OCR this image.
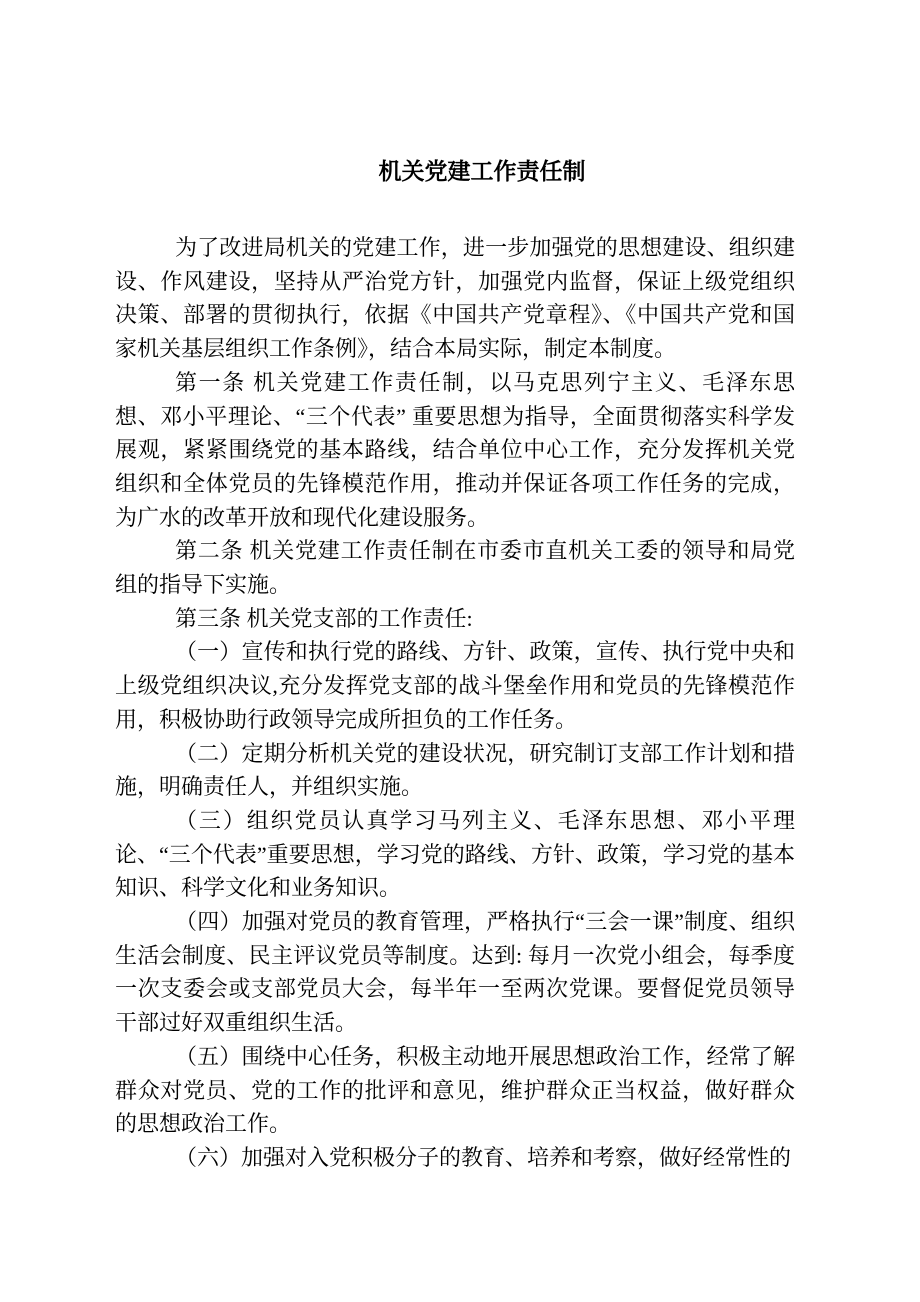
机关党建工作责任制

为了改进局机关的党建工作，进一步加强党的思想建设、组织建设、作风建设，坚持从严治党方针，加强党内监督，保证上级党组织决策、部署的贯彻执行，依据《中国共产党章程》、《中国共产党和国家机关基层组织工作条例》，结合本局实际，制定本制度。

第一条 机关党建工作责任制，以马克思列宁主义、毛泽东思想、邓小平理论、“三个代表” 重要思想为指导，全面贯彻落实科学发展观，紧紧围绕党的基本路线，结合单位中心工作，充分发挥机关党组织和全体党员的先锋模范作用，推动并保证各项工作任务的完成，为广水的改革开放和现代化建设服务。

第二条 机关党建工作责任制在市委市直机关工委的领导和局党组的指导下实施。

第三条 机关党支部的工作责任:

（一）宣传和执行党的路线、方针、政策，宣传、执行党中央和上级党组织决议,充分发挥党支部的战斗堡垒作用和党员的先锋模范作用，积极协助行政领导完成所担负的工作任务。

（二）定期分析机关党的建设状况，研究制订支部工作计划和措施，明确责任人，并组织实施。

（三）组织党员认真学习马列主义、毛泽东思想、邓小平理论、“三个代表”重要思想，学习党的路线、方针、政策，学习党的基本知识、科学文化和业务知识。

（四）加强对党员的教育管理，严格执行“三会一课”制度、组织生活会制度、民主评议党员等制度。达到: 每月一次党小组会，每季度一次支委会或支部党员大会，每半年一至两次党课。要督促党员领导干部过好双重组织生活。

（五）围绕中心任务，积极主动地开展思想政治工作，经常了解群众对党员、党的工作的批评和意见，维护群众正当权益，做好群众的思想政治工作。

（六）加强对入党积极分子的教育、培养和考察，做好经常性的
